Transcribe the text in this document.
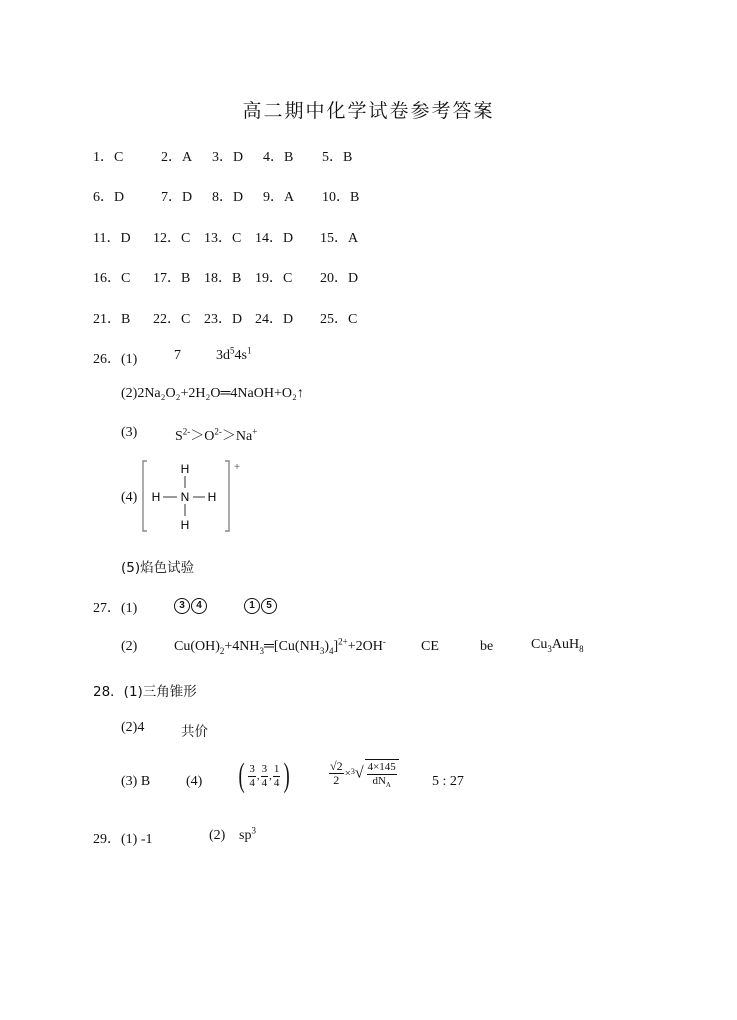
高二期中化学试卷参考答案
1．C	2．A 3．D 4．B 5．B
6．D	7．D 8．D 9．A 10．B
11．D 12．C 13．C 14．D 15．A
16．C 17．B 18．B 19．C 20．D
21．B 22．C 23．D 24．D 25．C
26．(1)	7	$3d^54s^1$
(2)2Na₂O₂+2H₂O═4NaOH+O₂↑
(3)	$S^{2-}>O^{2-}>Na^+$
(4)
H
H N H
H
+
(5)焰色试验
27．(1)	3 4	1 5
(2)	$Cu(OH)_2+4NH_3═[Cu(NH_3)_4]^{2+}+2OH^-$	CE	be	$Cu_3AuH_8$
28．(1)三角锥形
(2)4	共价
(3) B	(4) ( $\frac{3}{4}$ , $\frac{3}{4}$ , $\frac{1}{4}$ )	$\frac{√2}{2} \times^3√ \frac{4\times 145}{dN_A} 5$ : 27
29．(1) -1	(2) $sp^3$
